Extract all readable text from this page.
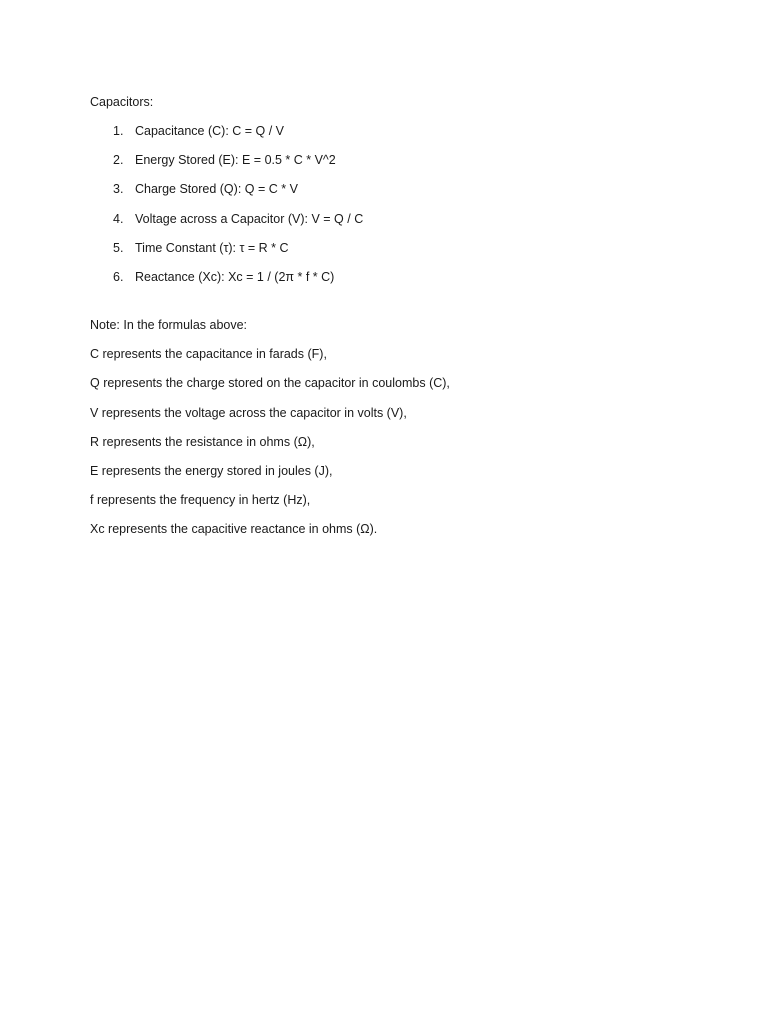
Capacitors:
1. Capacitance (C): C = Q / V
2. Energy Stored (E): E = 0.5 * C * V^2
3. Charge Stored (Q): Q = C * V
4. Voltage across a Capacitor (V): V = Q / C
5. Time Constant (τ): τ = R * C
6. Reactance (Xc): Xc = 1 / (2π * f * C)
Note: In the formulas above:
C represents the capacitance in farads (F),
Q represents the charge stored on the capacitor in coulombs (C),
V represents the voltage across the capacitor in volts (V),
R represents the resistance in ohms (Ω),
E represents the energy stored in joules (J),
f represents the frequency in hertz (Hz),
Xc represents the capacitive reactance in ohms (Ω).
